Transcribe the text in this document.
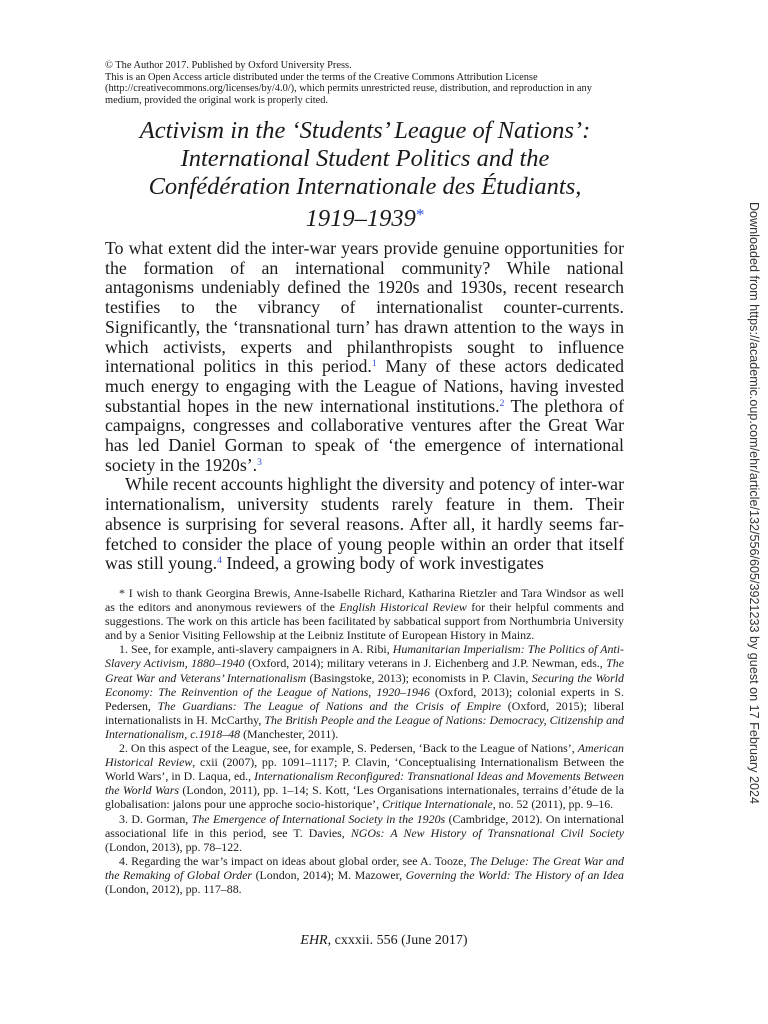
© The Author 2017. Published by Oxford University Press.

This is an Open Access article distributed under the terms of the Creative Commons Attribution License (http://creativecommons.org/licenses/by/4.0/), which permits unrestricted reuse, distribution, and reproduction in any medium, provided the original work is properly cited.

Activism in the ‘Students’ League of Nations’:
International Student Politics and the
Confédération Internationale des Étudiants,
1919–1939*

To what extent did the inter-war years provide genuine opportunities for the formation of an international community? While national antagonisms undeniably defined the 1920s and 1930s, recent research testifies to the vibrancy of internationalist counter-currents. Significantly, the ‘transnational turn’ has drawn attention to the ways in which activists, experts and philanthropists sought to influence international politics in this period.$^1$ Many of these actors dedicated much energy to engaging with the League of Nations, having invested substantial hopes in the new international institutions.$^2$ The plethora of campaigns, congresses and collaborative ventures after the Great War has led Daniel Gorman to speak of ‘the emergence of international society in the 1920s’.$^3$

While recent accounts highlight the diversity and potency of inter-war internationalism, university students rarely feature in them. Their absence is surprising for several reasons. After all, it hardly seems far-fetched to consider the place of young people within an order that itself was still young.$^4$ Indeed, a growing body of work investigates

* I wish to thank Georgina Brewis, Anne-Isabelle Richard, Katharina Rietzler and Tara Windsor as well as the editors and anonymous reviewers of the English Historical Review for their helpful comments and suggestions. The work on this article has been facilitated by sabbatical support from Northumbria University and by a Senior Visiting Fellowship at the Leibniz Institute of European History in Mainz.

1. See, for example, anti-slavery campaigners in A. Ribi, Humanitarian Imperialism: The Politics of Anti-Slavery Activism, 1880–1940 (Oxford, 2014); military veterans in J. Eichenberg and J.P. Newman, eds., The Great War and Veterans’ Internationalism (Basingstoke, 2013); economists in P. Clavin, Securing the World Economy: The Reinvention of the League of Nations, 1920–1946 (Oxford, 2013); colonial experts in S. Pedersen, The Guardians: The League of Nations and the Crisis of Empire (Oxford, 2015); liberal internationalists in H. McCarthy, The British People and the League of Nations: Democracy, Citizenship and Internationalism, c.1918–48 (Manchester, 2011).

2. On this aspect of the League, see, for example, S. Pedersen, ‘Back to the League of Nations’, American Historical Review, cxii (2007), pp. 1091–1117; P. Clavin, ‘Conceptualising Internationalism Between the World Wars’, in D. Laqua, ed., Internationalism Reconfigured: Transnational Ideas and Movements Between the World Wars (London, 2011), pp. 1–14; S. Kott, ‘Les Organisations internationales, terrains d’étude de la globalisation: jalons pour une approche socio-historique’, Critique Internationale, no. 52 (2011), pp. 9–16.

3. D. Gorman, The Emergence of International Society in the 1920s (Cambridge, 2012). On international associational life in this period, see T. Davies, NGOs: A New History of Transnational Civil Society (London, 2013), pp. 78–122.

4. Regarding the war’s impact on ideas about global order, see A. Tooze, The Deluge: The Great War and the Remaking of Global Order (London, 2014); M. Mazower, Governing the World: The History of an Idea (London, 2012), pp. 117–88.

EHR, cxxxii. 556 (June 2017)
Downloaded from https://academic.oup.com/ehr/article/132/556/605/3921233 by guest on 17 February 2024
